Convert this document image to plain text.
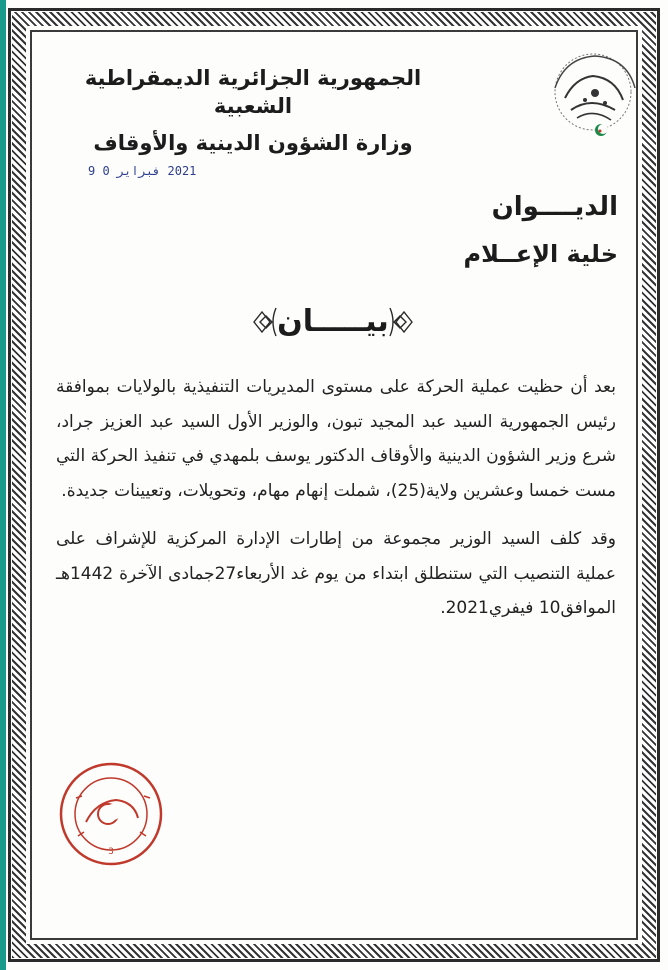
الجمهورية الجزائرية الديمقراطية الشعبية
وزارة الشؤون الدينية والأوقاف
2021 فبراير 0 9
الديــــوان
خلية الإعــلام
بيـــــان

بعد أن حظيت عملية الحركة على مستوى المديريات التنفيذية بالولايات بموافقة رئيس الجمهورية السيد عبد المجيد تبون، والوزير الأول السيد عبد العزيز جراد، شرع وزير الشؤون الدينية والأوقاف الدكتور يوسف بلمهدي في تنفيذ الحركة التي مست خمسا وعشرين ولاية(25)، شملت إنهام مهام، وتحويلات، وتعيينات جديدة.

وقد كلف السيد الوزير مجموعة من إطارات الإدارة المركزية للإشراف على عملية التنصيب التي ستنطلق ابتداء من يوم غد الأربعاء27جمادى الآخرة 1442هـ الموافق10 فيفري2021.

3
